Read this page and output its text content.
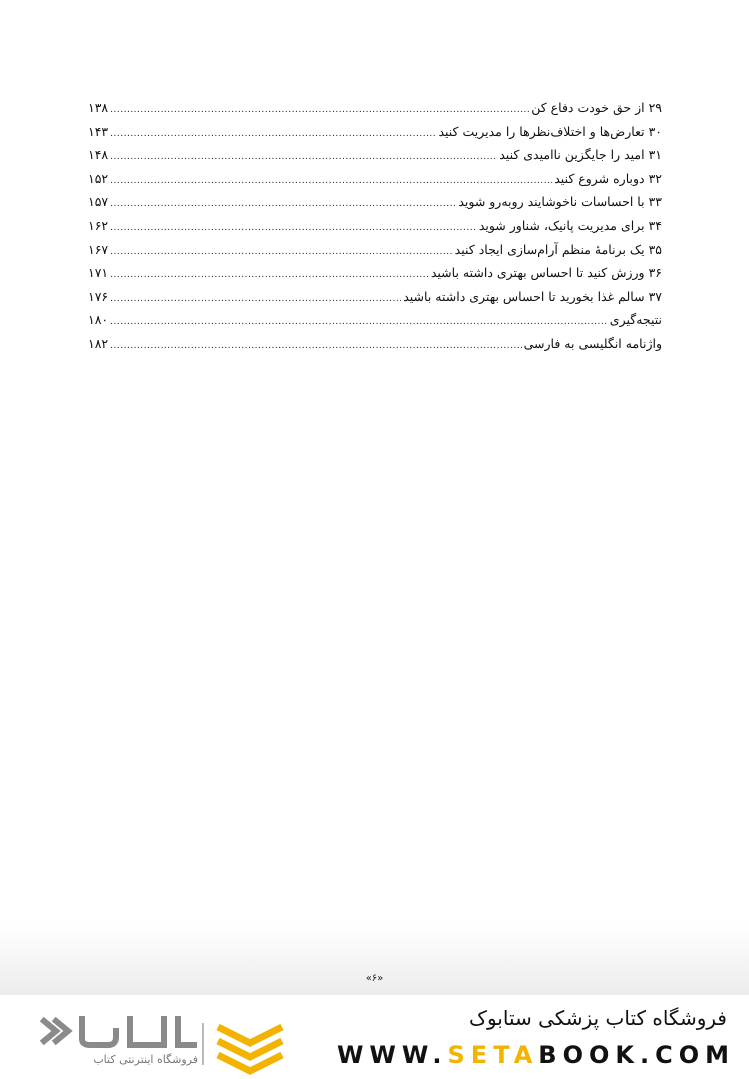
۲۹ از حق خودت دفاع کن
.....
۱۳۸
۳۰ تعارض‌ها و اختلاف‌نظرها را مدیریت کنید
.....
۱۴۳
۳۱ امید را جایگزین ناامیدی کنید
.....
۱۴۸
۳۲ دوباره شروع کنید
.....
۱۵۲
۳۳ با احساسات ناخوشایند روبه‌رو شوید
.....
۱۵۷
۳۴ برای مدیریت پانیک، شناور شوید
.....
۱۶۲
۳۵ یک برنامهٔ منظم آرام‌سازی ایجاد کنید
.....
۱۶۷
۳۶ ورزش کنید تا احساس بهتری داشته باشید
.....
۱۷۱
۳۷ سالم غذا بخورید تا احساس بهتری داشته باشید
.....
۱۷۶
نتیجه‌گیری
.....
۱۸۰
واژنامه انگلیسی به فارسی
.....
۱۸۲
«۶»
فروشگاه کتاب پزشکی ستابوک
WWW.SETABOOK.COM
فروشگاه اینترنتی کتاب
